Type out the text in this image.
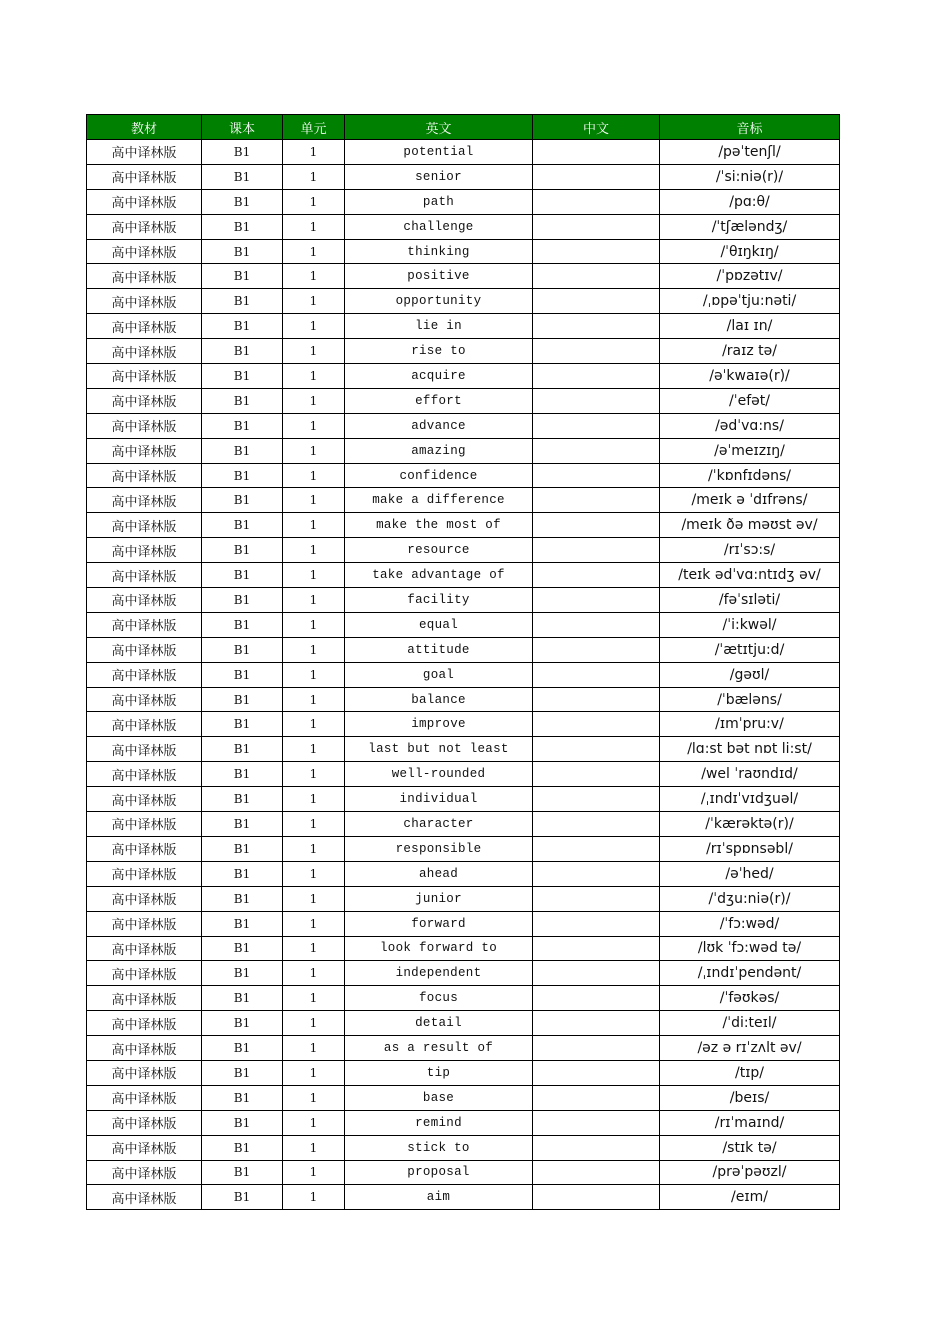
教材	课本	单元	英文	中文	音标
高中译林版	B1	1	potential		/pəˈtenʃl/
高中译林版	B1	1	senior		/ˈsi:niə(r)/
高中译林版	B1	1	path		/pɑ:θ/
高中译林版	B1	1	challenge		/ˈtʃæləndʒ/
高中译林版	B1	1	thinking		/ˈθɪŋkɪŋ/
高中译林版	B1	1	positive		/ˈpɒzətɪv/
高中译林版	B1	1	opportunity		/ˌɒpəˈtju:nəti/
高中译林版	B1	1	lie in		/laɪ ɪn/
高中译林版	B1	1	rise to		/raɪz tə/
高中译林版	B1	1	acquire		/əˈkwaɪə(r)/
高中译林版	B1	1	effort		/ˈefət/
高中译林版	B1	1	advance		/ədˈvɑ:ns/
高中译林版	B1	1	amazing		/əˈmeɪzɪŋ/
高中译林版	B1	1	confidence		/ˈkɒnfɪdəns/
高中译林版	B1	1	make a difference		/meɪk ə ˈdɪfrəns/
高中译林版	B1	1	make the most of		/meɪk ðə məʊst əv/
高中译林版	B1	1	resource		/rɪˈsɔ:s/
高中译林版	B1	1	take advantage of		/teɪk ədˈvɑ:ntɪdʒ əv/
高中译林版	B1	1	facility		/fəˈsɪləti/
高中译林版	B1	1	equal		/ˈi:kwəl/
高中译林版	B1	1	attitude		/ˈætɪtju:d/
高中译林版	B1	1	goal		/gəʊl/
高中译林版	B1	1	balance		/ˈbæləns/
高中译林版	B1	1	improve		/ɪmˈpru:v/
高中译林版	B1	1	last but not least		/lɑ:st bət nɒt li:st/
高中译林版	B1	1	well-rounded		/wel ˈraʊndɪd/
高中译林版	B1	1	individual		/ˌɪndɪˈvɪdʒuəl/
高中译林版	B1	1	character		/ˈkærəktə(r)/
高中译林版	B1	1	responsible		/rɪˈspɒnsəbl/
高中译林版	B1	1	ahead		/əˈhed/
高中译林版	B1	1	junior		/ˈdʒu:niə(r)/
高中译林版	B1	1	forward		/ˈfɔ:wəd/
高中译林版	B1	1	look forward to		/lʊk ˈfɔ:wəd tə/
高中译林版	B1	1	independent		/ˌɪndɪˈpendənt/
高中译林版	B1	1	focus		/ˈfəʊkəs/
高中译林版	B1	1	detail		/ˈdi:teɪl/
高中译林版	B1	1	as a result of		/əz ə rɪˈzʌlt əv/
高中译林版	B1	1	tip		/tɪp/
高中译林版	B1	1	base		/beɪs/
高中译林版	B1	1	remind		/rɪˈmaɪnd/
高中译林版	B1	1	stick to		/stɪk tə/
高中译林版	B1	1	proposal		/prəˈpəʊzl/
高中译林版	B1	1	aim		/eɪm/
